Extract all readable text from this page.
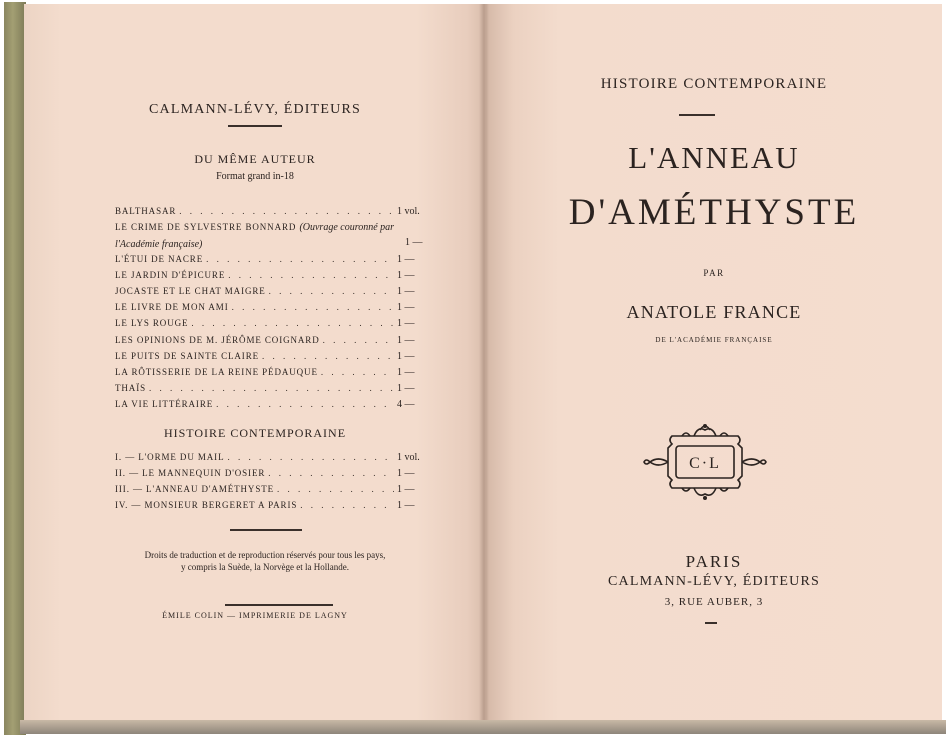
CALMANN-LÉVY, ÉDITEURS
DU MÊME AUTEUR
Format grand in-18
BALTHASAR . . .	1 vol.
LE CRIME DE SYLVESTRE BONNARD (Ouvrage couronné par l'Académie française)	1 —
L'ÉTUI DE NACRE . . .	1 —
LE JARDIN D'ÉPICURE . . .	1 —
JOCASTE ET LE CHAT MAIGRE . . .	1 —
LE LIVRE DE MON AMI . . .	1 —
LE LYS ROUGE . . .	1 —
LES OPINIONS DE M. JÉRÔME COIGNARD . . .	1 —
LE PUITS DE SAINTE CLAIRE . . .	1 —
LA RÔTISSERIE DE LA REINE PÉDAUQUE . . .	1 —
THAÏS . . .	1 —
LA VIE LITTÉRAIRE . . .	4 —
HISTOIRE CONTEMPORAINE
I. — L'ORME DU MAIL . . .	1 vol.
II. — LE MANNEQUIN D'OSIER . . .	1 —
III. — L'ANNEAU D'AMÉTHYSTE . . .	1 —
IV. — MONSIEUR BERGERET A PARIS . . .	1 —
Droits de traduction et de reproduction réservés pour tous les pays,
y compris la Suède, la Norvège et la Hollande.
ÉMILE COLIN — IMPRIMERIE DE LAGNY
HISTOIRE CONTEMPORAINE
L'ANNEAU
D'AMÉTHYSTE
PAR
ANATOLE FRANCE
DE L'ACADÉMIE FRANÇAISE
C·L
PARIS
CALMANN-LÉVY, ÉDITEURS
3, RUE AUBER, 3
